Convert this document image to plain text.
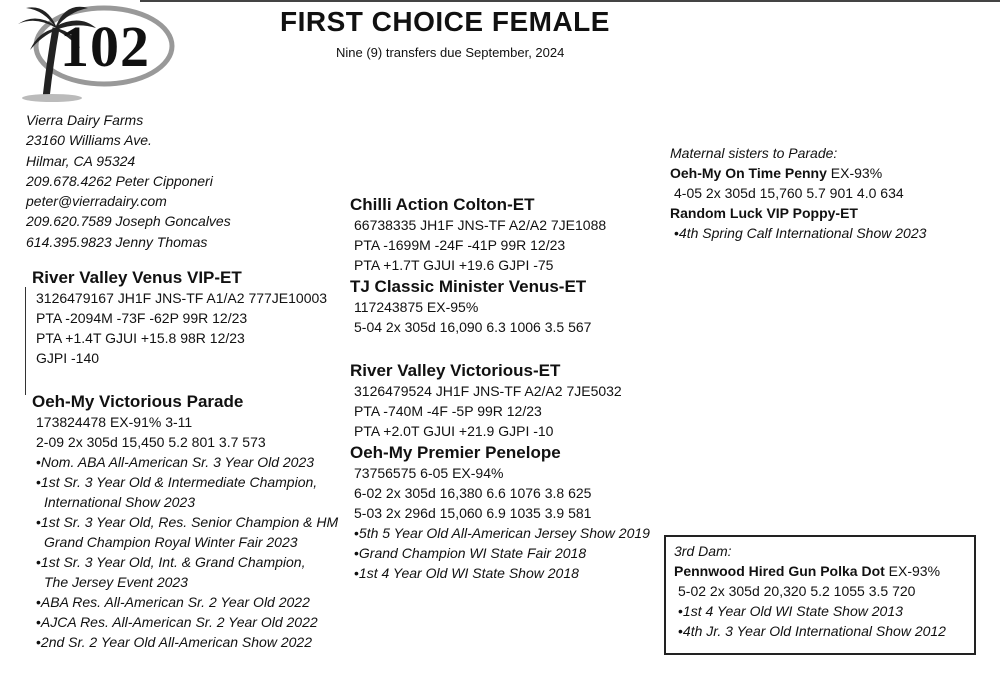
102	FIRST CHOICE FEMALE
Nine (9) transfers due September, 2024
Vierra Dairy Farms
23160 Williams Ave.
Hilmar, CA 95324
209.678.4262 Peter Cipponeri
peter@vierradairy.com
209.620.7589 Joseph Goncalves
614.395.9823 Jenny Thomas
River Valley Venus VIP-ET
3126479167 JH1F JNS-TF A1/A2 777JE10003
PTA -2094M -73F -62P 99R 12/23
PTA +1.4T GJUI +15.8 98R 12/23
GJPI -140
Oeh-My Victorious Parade
173824478 EX-91% 3-11
2-09 2x 305d 15,450 5.2 801 3.7 573
•Nom. ABA All-American Sr. 3 Year Old 2023
•1st Sr. 3 Year Old & Intermediate Champion,
International Show 2023
•1st Sr. 3 Year Old, Res. Senior Champion & HM
Grand Champion Royal Winter Fair 2023
•1st Sr. 3 Year Old, Int. & Grand Champion,
The Jersey Event 2023
•ABA Res. All-American Sr. 2 Year Old 2022
•AJCA Res. All-American Sr. 2 Year Old 2022
•2nd Sr. 2 Year Old All-American Show 2022
Chilli Action Colton-ET
66738335 JH1F JNS-TF A2/A2 7JE1088
PTA -1699M -24F -41P 99R 12/23
PTA +1.7T GJUI +19.6 GJPI -75
TJ Classic Minister Venus-ET
117243875 EX-95%
5-04 2x 305d 16,090 6.3 1006 3.5 567
River Valley Victorious-ET
3126479524 JH1F JNS-TF A2/A2 7JE5032
PTA -740M -4F -5P 99R 12/23
PTA +2.0T GJUI +21.9 GJPI -10
Oeh-My Premier Penelope
73756575 6-05 EX-94%
6-02 2x 305d 16,380 6.6 1076 3.8 625
5-03 2x 296d 15,060 6.9 1035 3.9 581
•5th 5 Year Old All-American Jersey Show 2019
•Grand Champion WI State Fair 2018
•1st 4 Year Old WI State Show 2018
Maternal sisters to Parade:
Oeh-My On Time Penny EX-93%
4-05 2x 305d 15,760 5.7 901 4.0 634
Random Luck VIP Poppy-ET
•4th Spring Calf International Show 2023
3rd Dam:
Pennwood Hired Gun Polka Dot EX-93%
5-02 2x 305d 20,320 5.2 1055 3.5 720
•1st 4 Year Old WI State Show 2013
•4th Jr. 3 Year Old International Show 2012
